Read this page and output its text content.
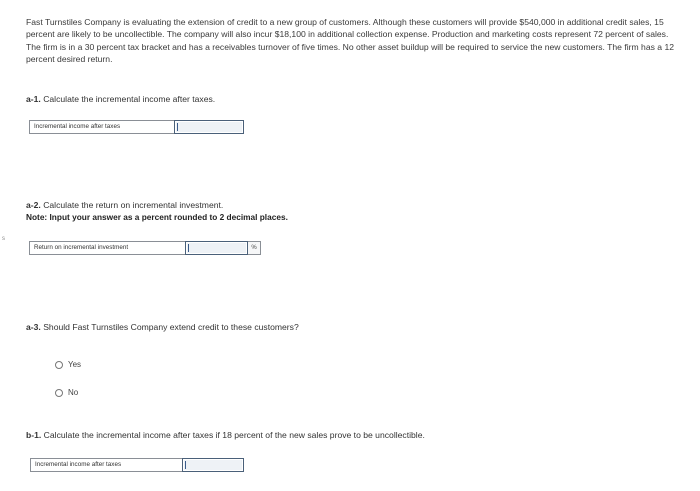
Fast Turnstiles Company is evaluating the extension of credit to a new group of customers. Although these customers will provide $540,000 in additional credit sales, 15 percent are likely to be uncollectible. The company will also incur $18,100 in additional collection expense. Production and marketing costs represent 72 percent of sales. The firm is in a 30 percent tax bracket and has a receivables turnover of five times. No other asset buildup will be required to service the new customers. The firm has a 12 percent desired return.
a-1. Calculate the incremental income after taxes.
Incremental income after taxes
a-2. Calculate the return on incremental investment.
Note: Input your answer as a percent rounded to 2 decimal places.
Return on incremental investment	%
a-3. Should Fast Turnstiles Company extend credit to these customers?
Yes
No
b-1. Calculate the incremental income after taxes if 18 percent of the new sales prove to be uncollectible.
Incremental income after taxes
s
